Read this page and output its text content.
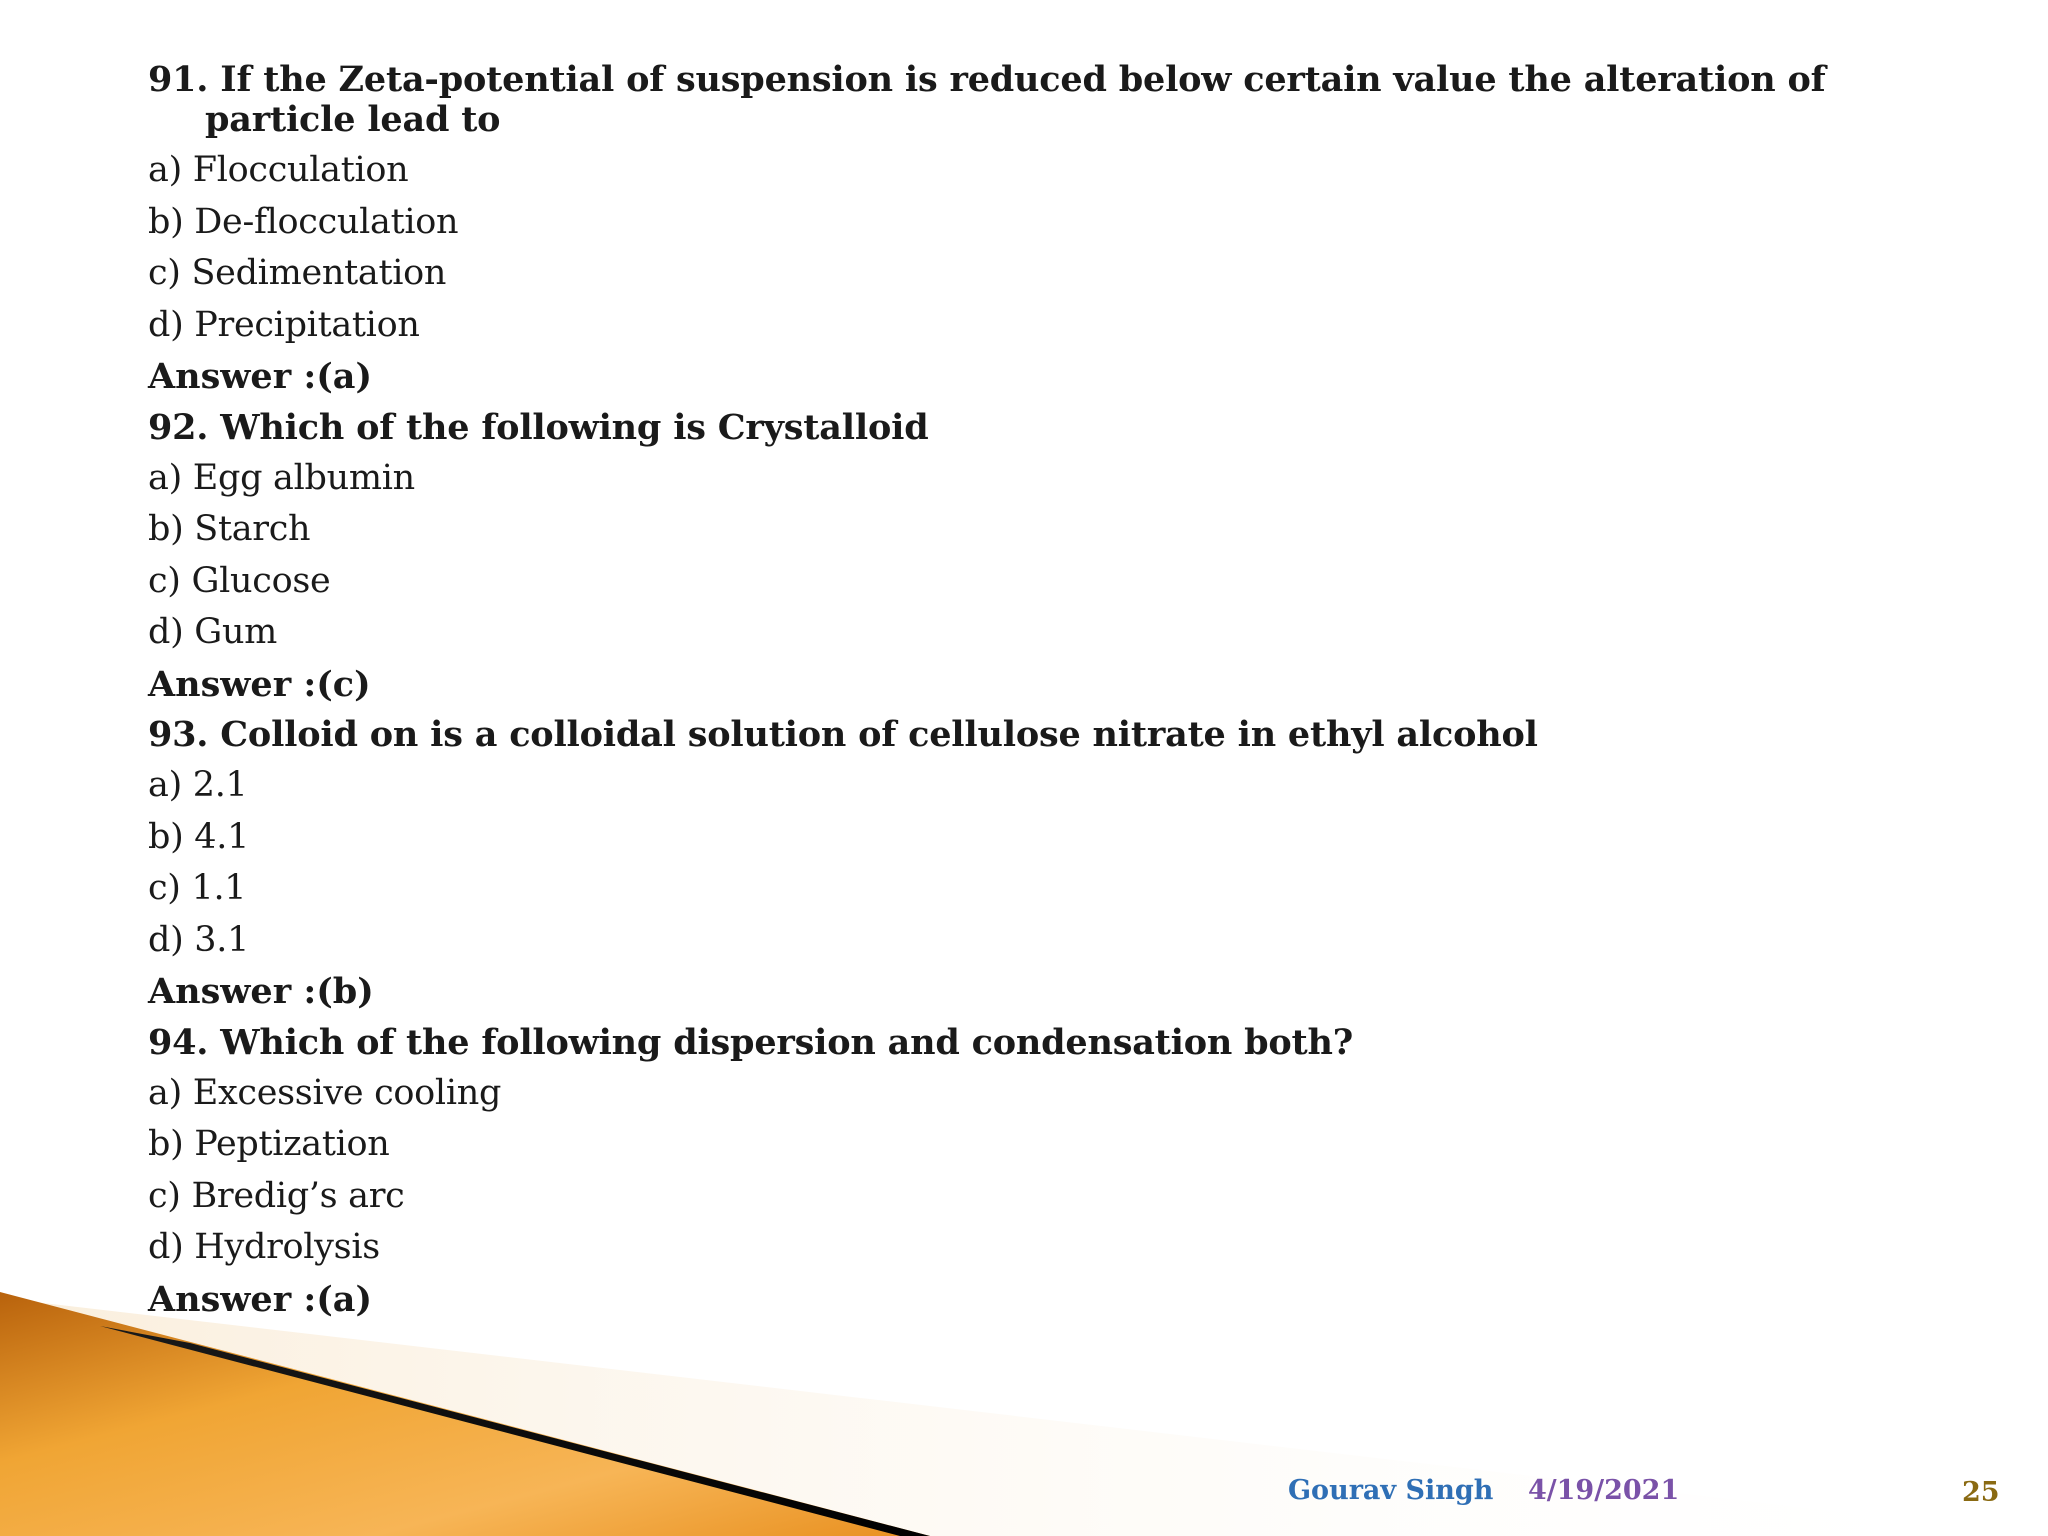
91. If the Zeta-potential of suspension is reduced below certain value the alteration of particle lead to

a) Flocculation

b) De-flocculation

c) Sedimentation

d) Precipitation

Answer :(a)

92. Which of the following is Crystalloid

a) Egg albumin

b) Starch

c) Glucose

d) Gum

Answer :(c)

93. Colloid on is a colloidal solution of cellulose nitrate in ethyl alcohol

a) 2.1

b) 4.1

c) 1.1

d) 3.1

Answer :(b)

94. Which of the following dispersion and condensation both?

a) Excessive cooling

b) Peptization

c) Bredig’s arc

d) Hydrolysis

Answer :(a)

Gourav Singh 4/19/2021	25
